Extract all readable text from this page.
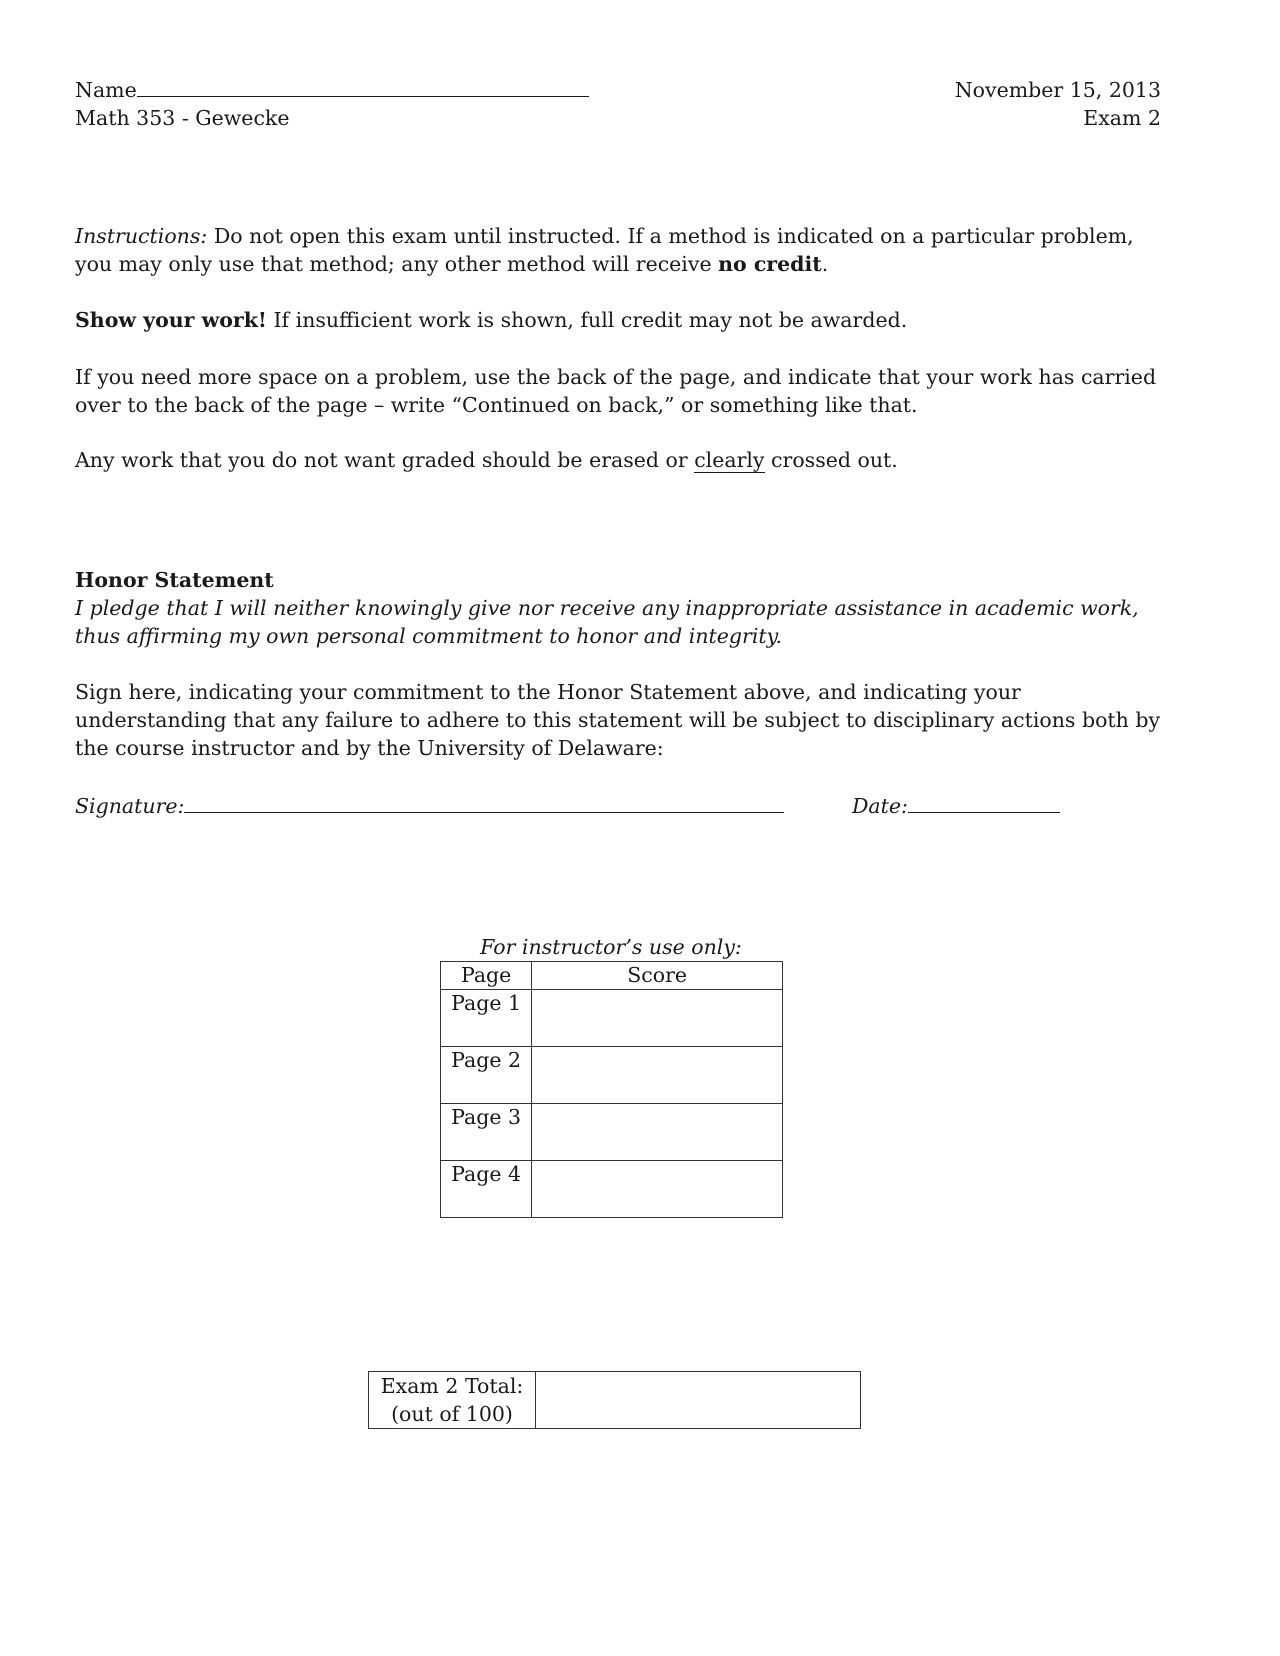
Name
Math 353 - Gewecke
November 15, 2013
Exam 2

Instructions: Do not open this exam until instructed. If a method is indicated on a particular problem, you may only use that method; any other method will receive no credit.

Show your work! If insufficient work is shown, full credit may not be awarded.

If you need more space on a problem, use the back of the page, and indicate that your work has carried over to the back of the page – write “Continued on back,” or something like that.

Any work that you do not want graded should be erased or clearly crossed out.

Honor Statement

I pledge that I will neither knowingly give nor receive any inappropriate assistance in academic work, thus affirming my own personal commitment to honor and integrity.

Sign here, indicating your commitment to the Honor Statement above, and indicating your understanding that any failure to adhere to this statement will be subject to disciplinary actions both by the course instructor and by the University of Delaware:

Signature:	Date:
For instructor’s use only:
Page	Score
Page 1	
Page 2	
Page 3	
Page 4	
Exam 2 Total:
(out of 100)
